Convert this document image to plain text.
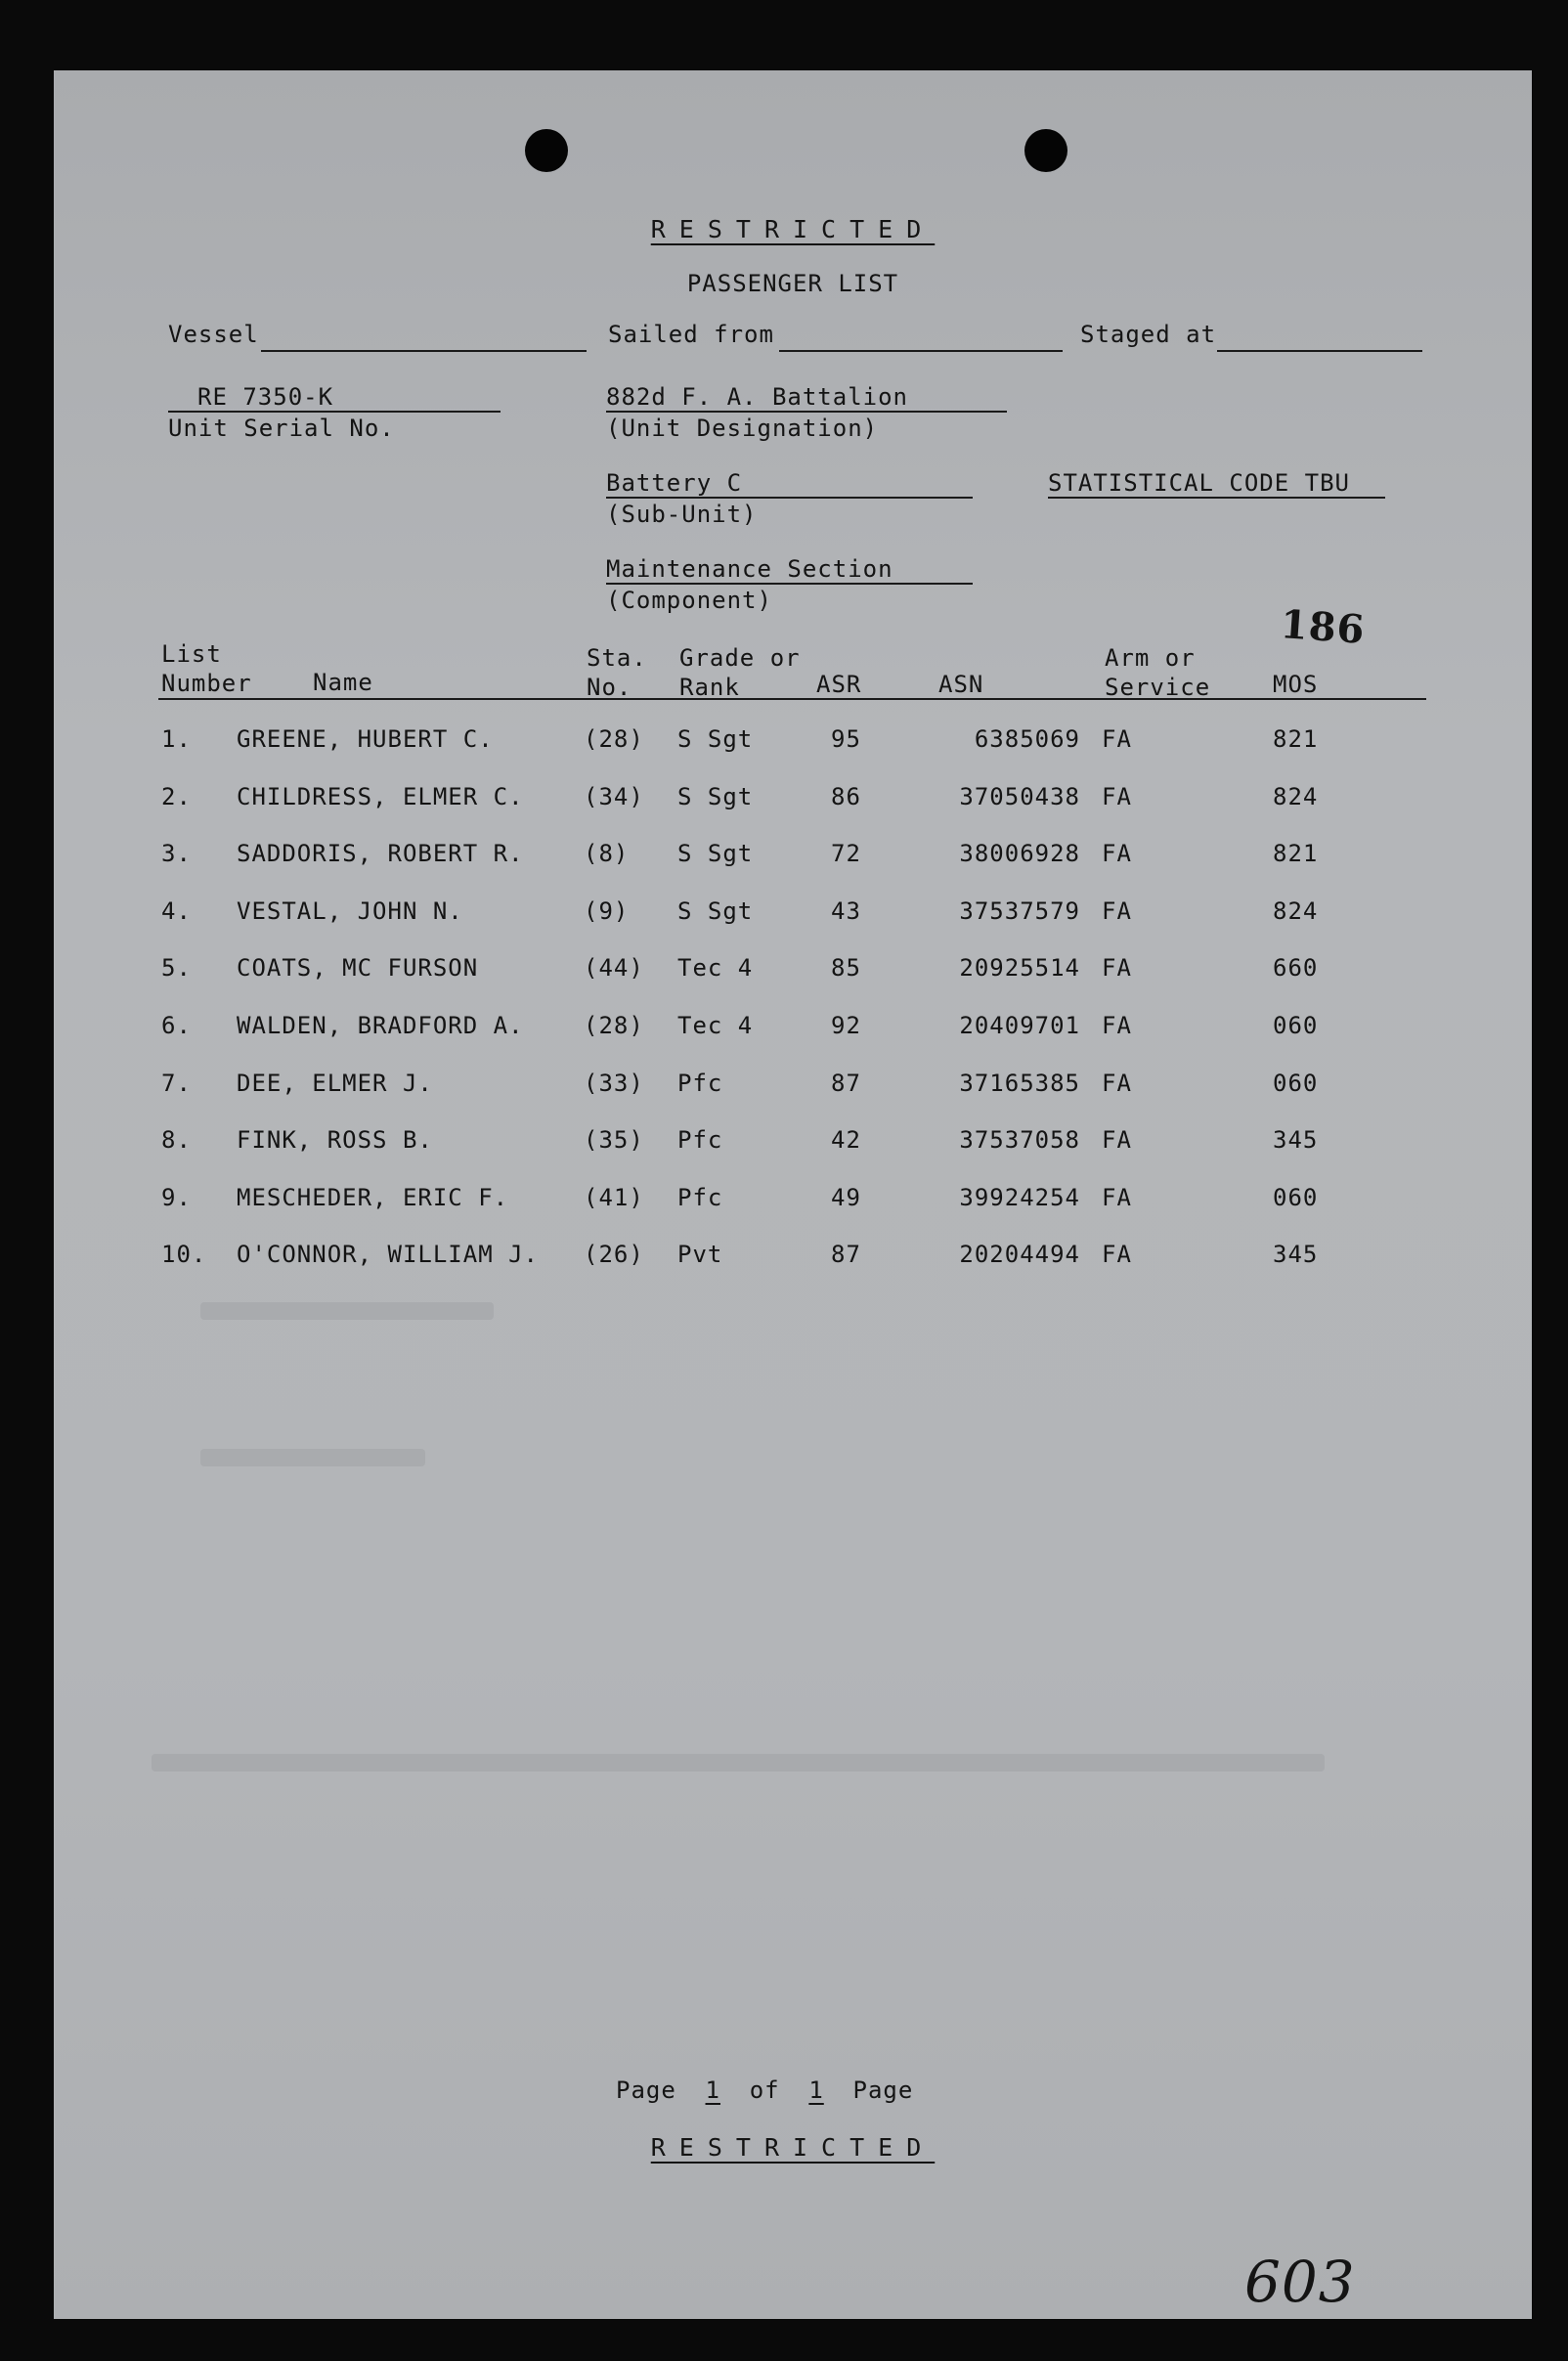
RESTRICTED
PASSENGER LIST
Vessel	Sailed from	Staged at
RE 7350-K
Unit Serial No.
882d F. A. Battalion
(Unit Designation)
Battery C
(Sub-Unit)
STATISTICAL CODE TBU
Maintenance Section
(Component)
186
List
Number	Name
Sta.
No.
Grade or
Rank	ASR	ASN
Arm or
Service	MOS
1. GREENE, HUBERT C.	(28) S Sgt	95	6385069 FA	821
2. CHILDRESS, ELMER C.	(34) S Sgt	86	37050438 FA	824
3. SADDORIS, ROBERT R.	(8) S Sgt	72	38006928 FA	821
4. VESTAL, JOHN N.	(9) S Sgt	43	37537579 FA	824
5. COATS, MC FURSON	(44) Tec 4	85	20925514 FA	660
6. WALDEN, BRADFORD A.	(28) Tec 4	92	20409701 FA	060
7. DEE, ELMER J.	(33) Pfc	87	37165385 FA	060
8. FINK, ROSS B.	(35) Pfc	42	37537058 FA	345
9. MESCHEDER, ERIC F.	(41) Pfc	49	39924254 FA	060
10. O'CONNOR, WILLIAM J. (26) Pvt	87	20204494 FA	345
Page 1 of 1 Page
RESTRICTED
603
